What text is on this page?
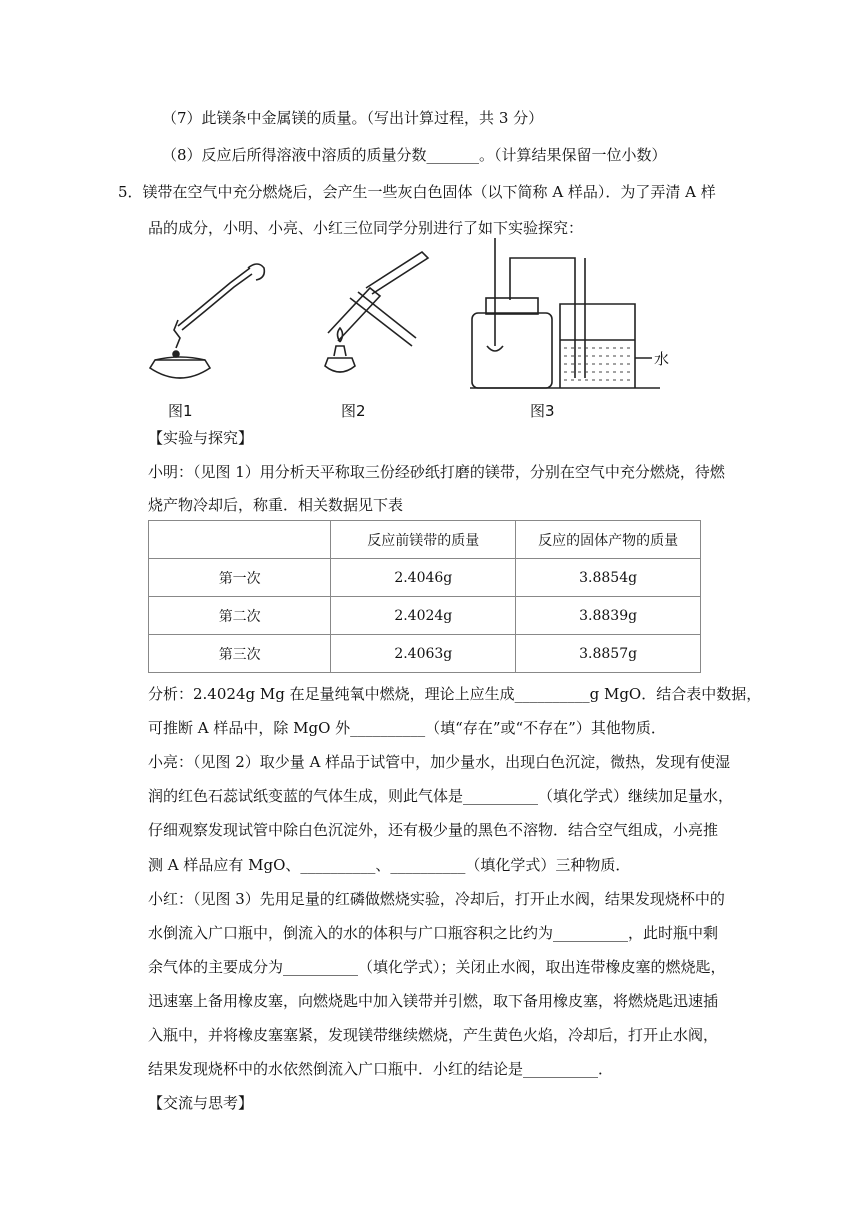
（7）此镁条中金属镁的质量。（写出计算过程，共 3 分）
（8）反应后所得溶液中溶质的质量分数_______。（计算结果保留一位小数）
5．镁带在空气中充分燃烧后，会产生一些灰白色固体（以下简称 A 样品）．为了弄清 A 样
品的成分，小明、小亮、小红三位同学分别进行了如下实验探究：
水
图1	图2	图3
【实验与探究】
小明：（见图 1）用分析天平称取三份经砂纸打磨的镁带，分别在空气中充分燃烧，待燃
烧产物冷却后，称重．相关数据见下表
	反应前镁带的质量	反应的固体产物的质量
第一次	2.4046g	3.8854g
第二次	2.4024g	3.8839g
第三次	2.4063g	3.8857g
分析：2.4024g Mg 在足量纯氧中燃烧，理论上应生成__________g MgO．结合表中数据，
可推断 A 样品中，除 MgO 外__________（填“存在”或“不存在”）其他物质．
小亮：（见图 2）取少量 A 样品于试管中，加少量水，出现白色沉淀，微热，发现有使湿
润的红色石蕊试纸变蓝的气体生成，则此气体是__________（填化学式）继续加足量水，
仔细观察发现试管中除白色沉淀外，还有极少量的黑色不溶物．结合空气组成，小亮推
测 A 样品应有 MgO、__________、__________（填化学式）三种物质．
小红：（见图 3）先用足量的红磷做燃烧实验，冷却后，打开止水阀，结果发现烧杯中的
水倒流入广口瓶中，倒流入的水的体积与广口瓶容积之比约为__________，此时瓶中剩
余气体的主要成分为__________（填化学式）；关闭止水阀，取出连带橡皮塞的燃烧匙，
迅速塞上备用橡皮塞，向燃烧匙中加入镁带并引燃，取下备用橡皮塞，将燃烧匙迅速插
入瓶中，并将橡皮塞塞紧，发现镁带继续燃烧，产生黄色火焰，冷却后，打开止水阀，
结果发现烧杯中的水依然倒流入广口瓶中．小红的结论是__________．
【交流与思考】
